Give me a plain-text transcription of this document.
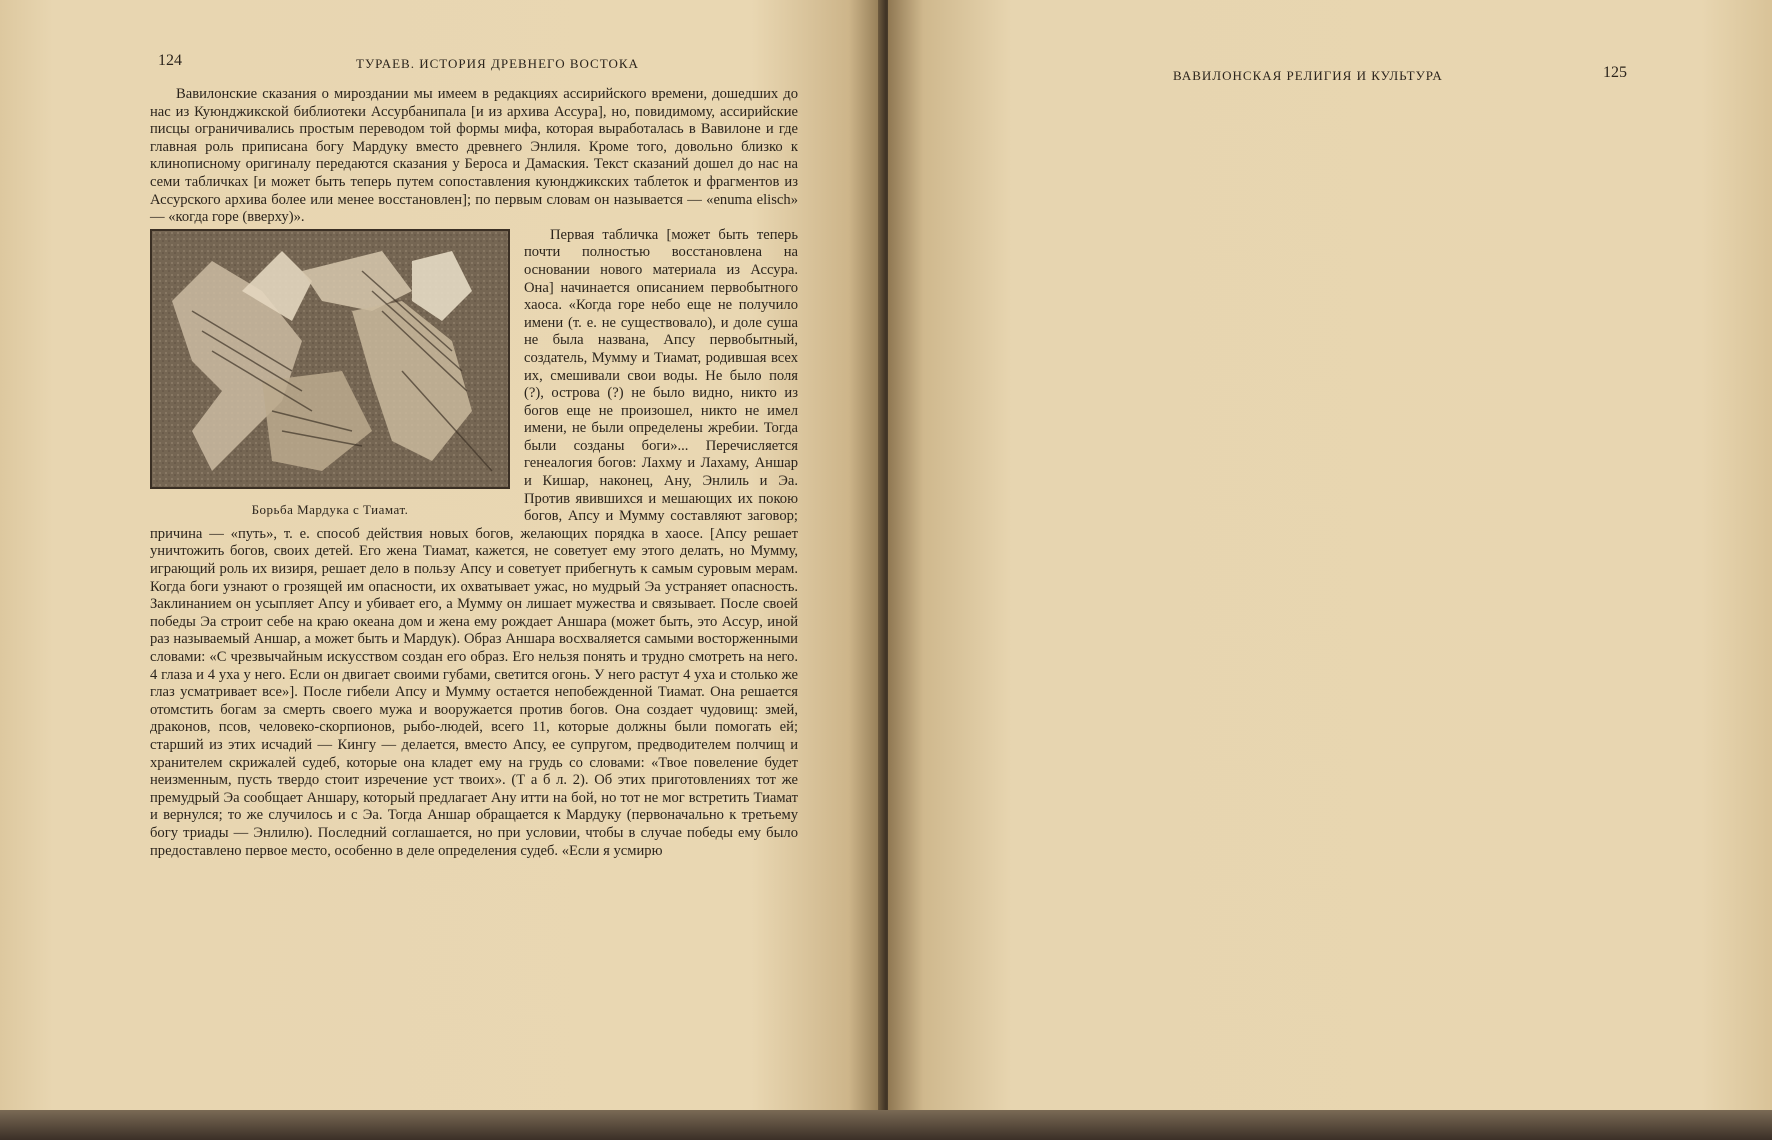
124	ТУРАЕВ. ИСТОРИЯ ДРЕВНЕГО ВОСТОКА

Вавилонские сказания о мироздании мы имеем в редакциях ассирийского времени, дошедших до нас из Куюнджикской библиотеки Ассурбанипала [и из архива Ассура], но, повидимому, ассирийские писцы ограничивались простым переводом той формы мифа, которая выработалась в Вавилоне и где главная роль приписана богу Мардуку вместо древнего Энлиля. Кроме того, довольно близко к клинописному оригиналу передаются сказания у Бероса и Дамаския. Текст сказаний дошел до нас на семи табличках [и может быть теперь путем сопоставления куюнджикских таблеток и фрагментов из Ассурского архива более или менее восстановлен]; по первым словам он называется — «enuma elisch» — «когда горе (вверху)».

Борьба Мардука с Тиамат.

Первая табличка [может быть теперь почти полностью восстановлена на основании нового материала из Ассура. Она] начинается описанием первобытного хаоса. «Когда горе небо еще не получило имени (т. е. не существовало), и доле суша не была названа, Апсу первобытный, создатель, Мумму и Тиамат, родившая всех их, смешивали свои воды. Не было поля (?), острова (?) не было видно, никто из богов еще не произошел, никто не имел имени, не были определены жребии. Тогда были созданы боги»... Перечисляется генеалогия богов: Лахму и Лахаму, Аншар и Кишар, наконец, Ану, Энлиль и Эа. Против явившихся и мешающих их покою богов, Апсу и Мумму составляют заговор; причина — «путь», т. е. способ действия новых богов, желающих порядка в хаосе. [Апсу решает уничтожить богов, своих детей. Его жена Тиамат, кажется, не советует ему этого делать, но Мумму, играющий роль их визиря, решает дело в пользу Апсу и советует прибегнуть к самым суровым мерам. Когда боги узнают о грозящей им опасности, их охватывает ужас, но мудрый Эа устраняет опасность. Заклинанием он усыпляет Апсу и убивает его, а Мумму он лишает мужества и связывает. После своей победы Эа строит себе на краю океана дом и жена ему рождает Аншара (может быть, это Ассур, иной раз называемый Аншар, а может быть и Мардук). Образ Аншара восхваляется самыми восторженными словами: «С чрезвычайным искусством создан его образ. Его нельзя понять и трудно смотреть на него. 4 глаза и 4 уха у него. Если он двигает своими губами, светится огонь. У него растут 4 уха и столько же глаз усматривает все»]. После гибели Апсу и Мумму остается непобежденной Тиамат. Она решается отомстить богам за смерть своего мужа и вооружается против богов. Она создает чудовищ: змей, драконов, псов, человеко-скорпионов, рыбо-людей, всего 11, которые должны были помогать ей; старший из этих исчадий — Кингу — делается, вместо Апсу, ее супругом, предводителем полчищ и хранителем скрижалей судеб, которые она кладет ему на грудь со словами: «Твое повеление будет неизменным, пусть твердо стоит изречение уст твоих». (Т а б л. 2). Об этих приготовлениях тот же премудрый Эа сообщает Аншару, который предлагает Ану итти на бой, но тот не мог встретить Тиамат и вернулся; то же случилось и с Эа. Тогда Аншар обращается к Мардуку (первоначально к третьему богу триады — Энлилю). Последний соглашается, но при условии, чтобы в случае победы ему было предоставлено первое место, особенно в деле определения судеб. «Если я усмирю

ВАВИЛОНСКАЯ РЕЛИГИЯ И КУЛЬТУРА	125
